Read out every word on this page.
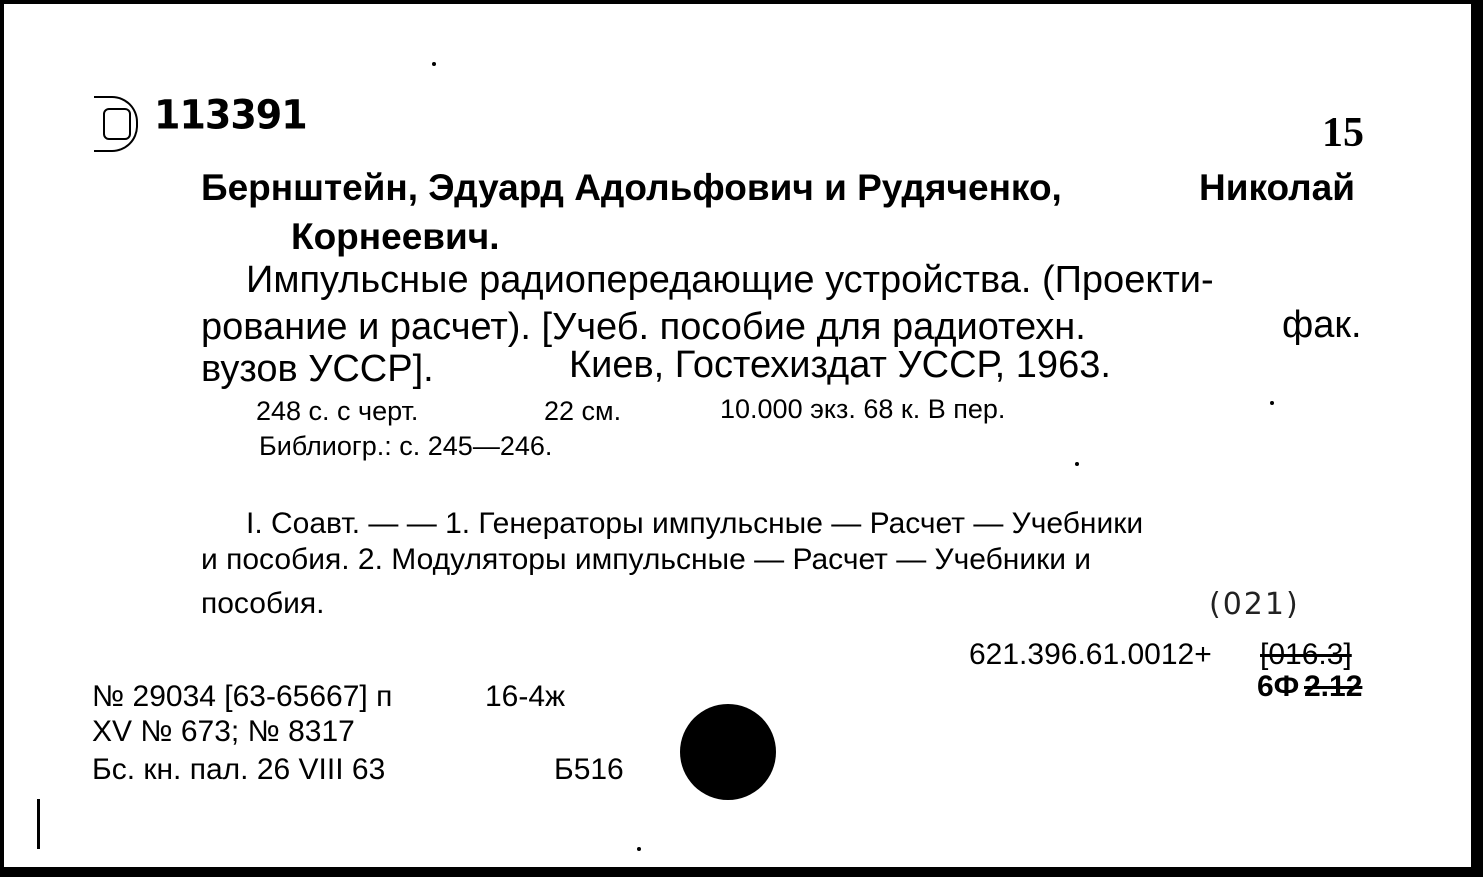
113391	15
Бернштейн, Эдуард Адольфович и Рудяченко,	Николай
Корнеевич.
Импульсные радиопередающие устройства. (Проекти-
рование и расчет). [Учеб. пособие для радиотехн.	фак.
вузов УССР].	Киев, Гостехиздат УССР, 1963.
248 с. с черт.	22 см.	10.000 экз. 68 к. В пер.
Библиогр.: с. 245—246.
I. Соавт. — — 1. Генераторы импульсные — Расчет — Учебники
и пособия. 2. Модуляторы импульсные — Расчет — Учебники и
пособия.	(021)
621.396.61.0012+ [016.3]
6Ф 2.12
№ 29034 [63-65667] п	16-4ж
XV № 673; № 8317
Бс. кн. пал. 26 VIII 63	Б516
